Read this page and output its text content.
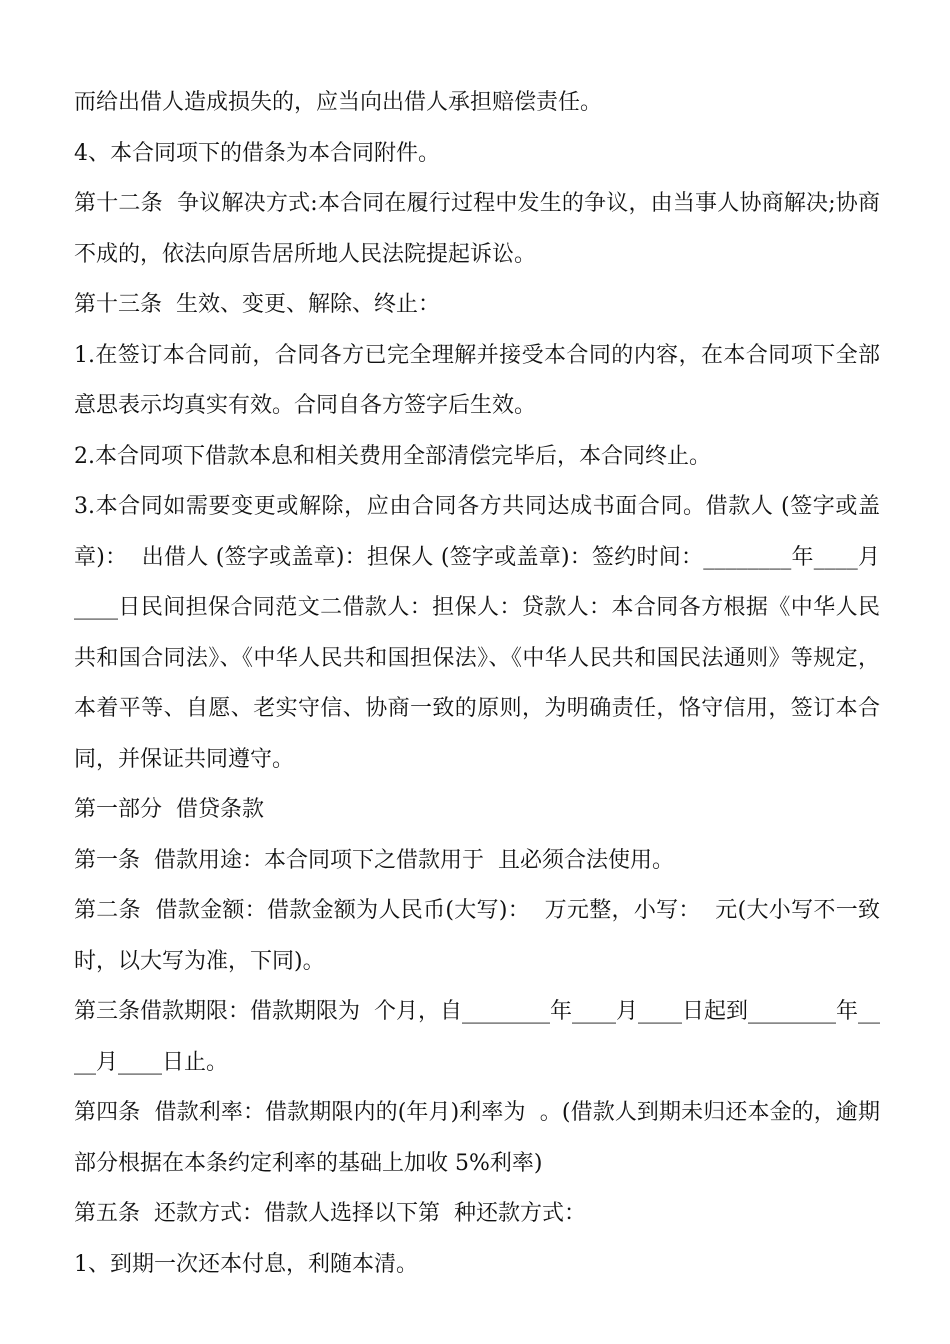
而给出借人造成损失的，应当向出借人承担赔偿责任。

4、本合同项下的借条为本合同附件。

第十二条  争议解决方式:本合同在履行过程中发生的争议，由当事人协商解决;协商不成的，依法向原告居所地人民法院提起诉讼。

第十三条  生效、变更、解除、终止：

1.在签订本合同前，合同各方已完全理解并接受本合同的内容，在本合同项下全部意思表示均真实有效。合同自各方签字后生效。

2.本合同项下借款本息和相关费用全部清偿完毕后，本合同终止。

3.本合同如需要变更或解除，应由合同各方共同达成书面合同。借款人 (签字或盖章)：  出借人 (签字或盖章)：担保人 (签字或盖章)：签约时间：________年____月____日民间担保合同范文二借款人：担保人：贷款人：本合同各方根据《中华人民共和国合同法》、《中华人民共和国担保法》、《中华人民共和国民法通则》等规定，本着平等、自愿、老实守信、协商一致的原则，为明确责任，恪守信用，签订本合同，并保证共同遵守。

第一部分  借贷条款

第一条  借款用途：本合同项下之借款用于  且必须合法使用。

第二条  借款金额：借款金额为人民币(大写)：  万元整，小写：  元(大小写不一致时，以大写为准，下同)。

第三条借款期限：借款期限为  个月，自________年____月____日起到________年____月____日止。

第四条  借款利率：借款期限内的(年月)利率为  。(借款人到期未归还本金的，逾期部分根据在本条约定利率的基础上加收 5%利率)

第五条  还款方式：借款人选择以下第  种还款方式：

1、到期一次还本付息，利随本清。
